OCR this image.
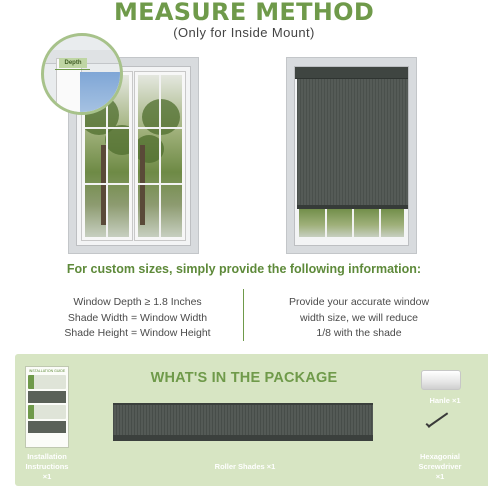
MEASURE METHOD
(Only for Inside Mount)
Depth
For custom sizes, simply provide the following information:
Window Depth ≥ 1.8 Inches
Shade Width = Window Width
Shade Height = Window Height
Provide your accurate window
width size, we will reduce
1/8 with the shade
WHAT'S IN THE PACKAGE
INSTALLATION GUIDE
Installation
Instructions
×1
Roller Shades ×1
Hanle ×1
Hexagonial
Screwdriver
×1
